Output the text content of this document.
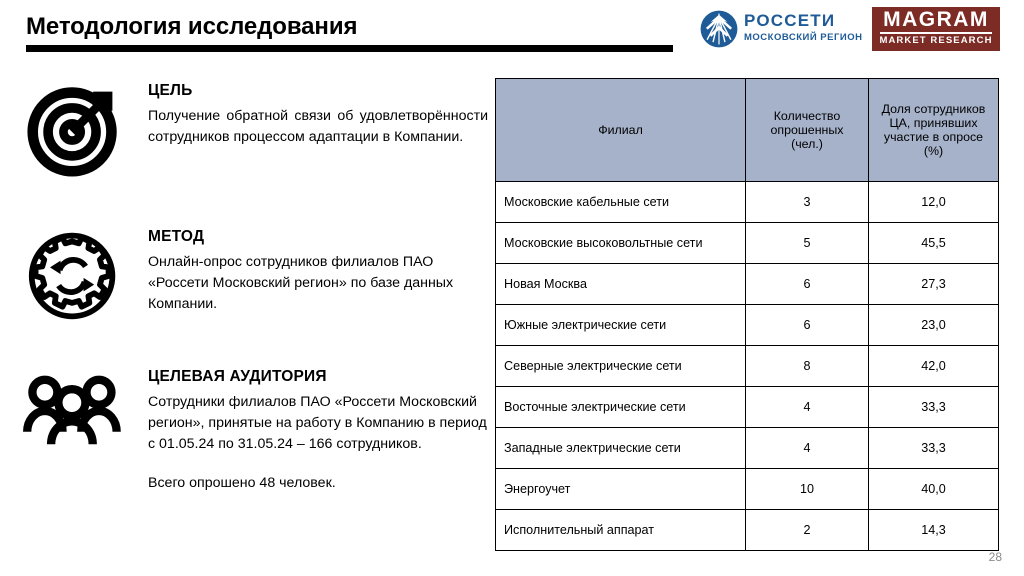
Методология исследования	РОССЕТИ
МОСКОВСКИЙ РЕГИОН
MAGRAM
MARKET RESEARCH

ЦЕЛЬ

Получение обратной связи об удовлетворённости сотрудников процессом адаптации в Компании.

МЕТОД

Онлайн-опрос сотрудников филиалов ПАО «Россети Московский регион» по базе данных Компании.

ЦЕЛЕВАЯ АУДИТОРИЯ

Сотрудники филиалов ПАО «Россети Московский регион», принятые на работу в Компанию в период с 01.05.24 по 31.05.24 – 166 сотрудников.

Всего опрошено 48 человек.

Филиал	Количество
опрошенных
(чел.)	Доля сотрудников
ЦА, принявших
участие в опросе
(%)
Московские кабельные сети	3	12,0
Московские высоковольтные сети	5	45,5
Новая Москва	6	27,3
Южные электрические сети	6	23,0
Северные электрические сети	8	42,0
Восточные электрические сети	4	33,3
Западные электрические сети	4	33,3
Энергоучет	10	40,0
Исполнительный аппарат	2	14,3
28
